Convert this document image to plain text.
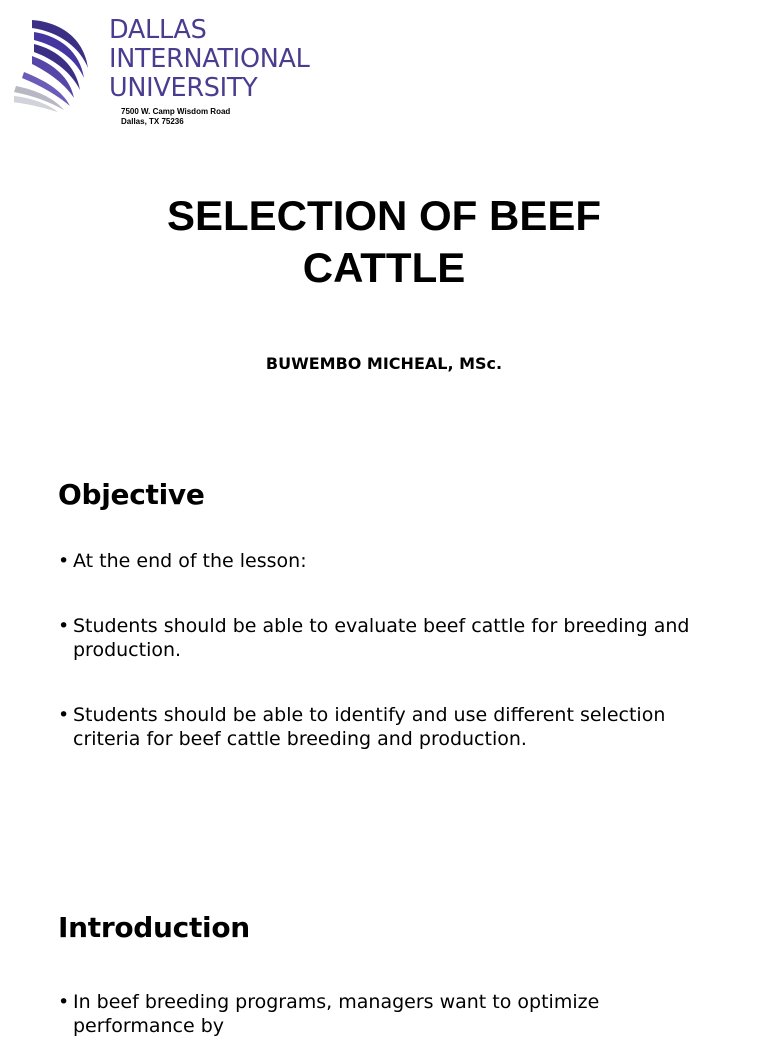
DALLAS
INTERNATIONAL
UNIVERSITY
7500 W. Camp Wisdom Road
Dallas, TX 75236
SELECTION OF BEEF
CATTLE
BUWEMBO MICHEAL, MSc.
Objective
• At the end of the lesson:
• Students should be able to evaluate beef cattle for breeding and
production.
• Students should be able to identify and use different selection
criteria for beef cattle breeding and production.
Introduction
• In beef breeding programs, managers want to optimize performance by
